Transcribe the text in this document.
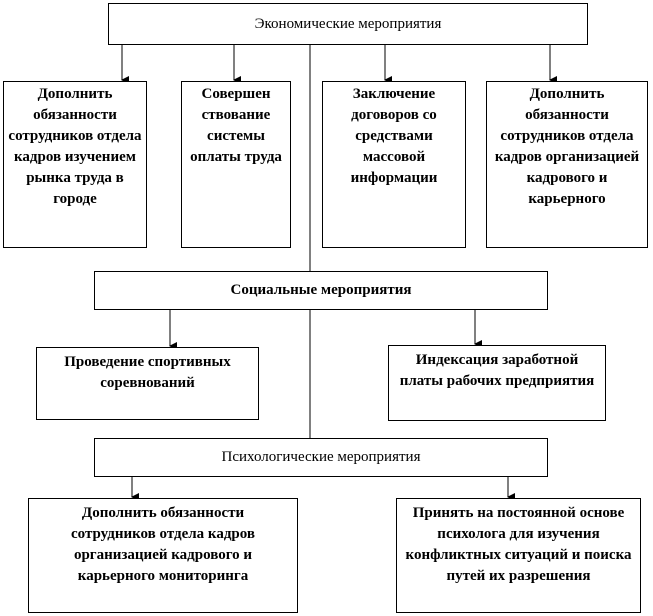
Экономические мероприятия
Дополнить обязанности сотрудников отдела кадров изучением рынка труда в городе
Совершен ствование системы оплаты труда
Заключение договоров со средствами массовой информации
Дополнить обязанности сотрудников отдела кадров организацией кадрового и карьерного
Социальные мероприятия
Проведение спортивных соревнований
Индексация заработной платы рабочих предприятия
Психологические мероприятия
Дополнить обязанности сотрудников отдела кадров организацией кадрового и карьерного мониторинга
Принять на постоянной основе психолога для изучения конфликтных ситуаций и поиска путей их разрешения
